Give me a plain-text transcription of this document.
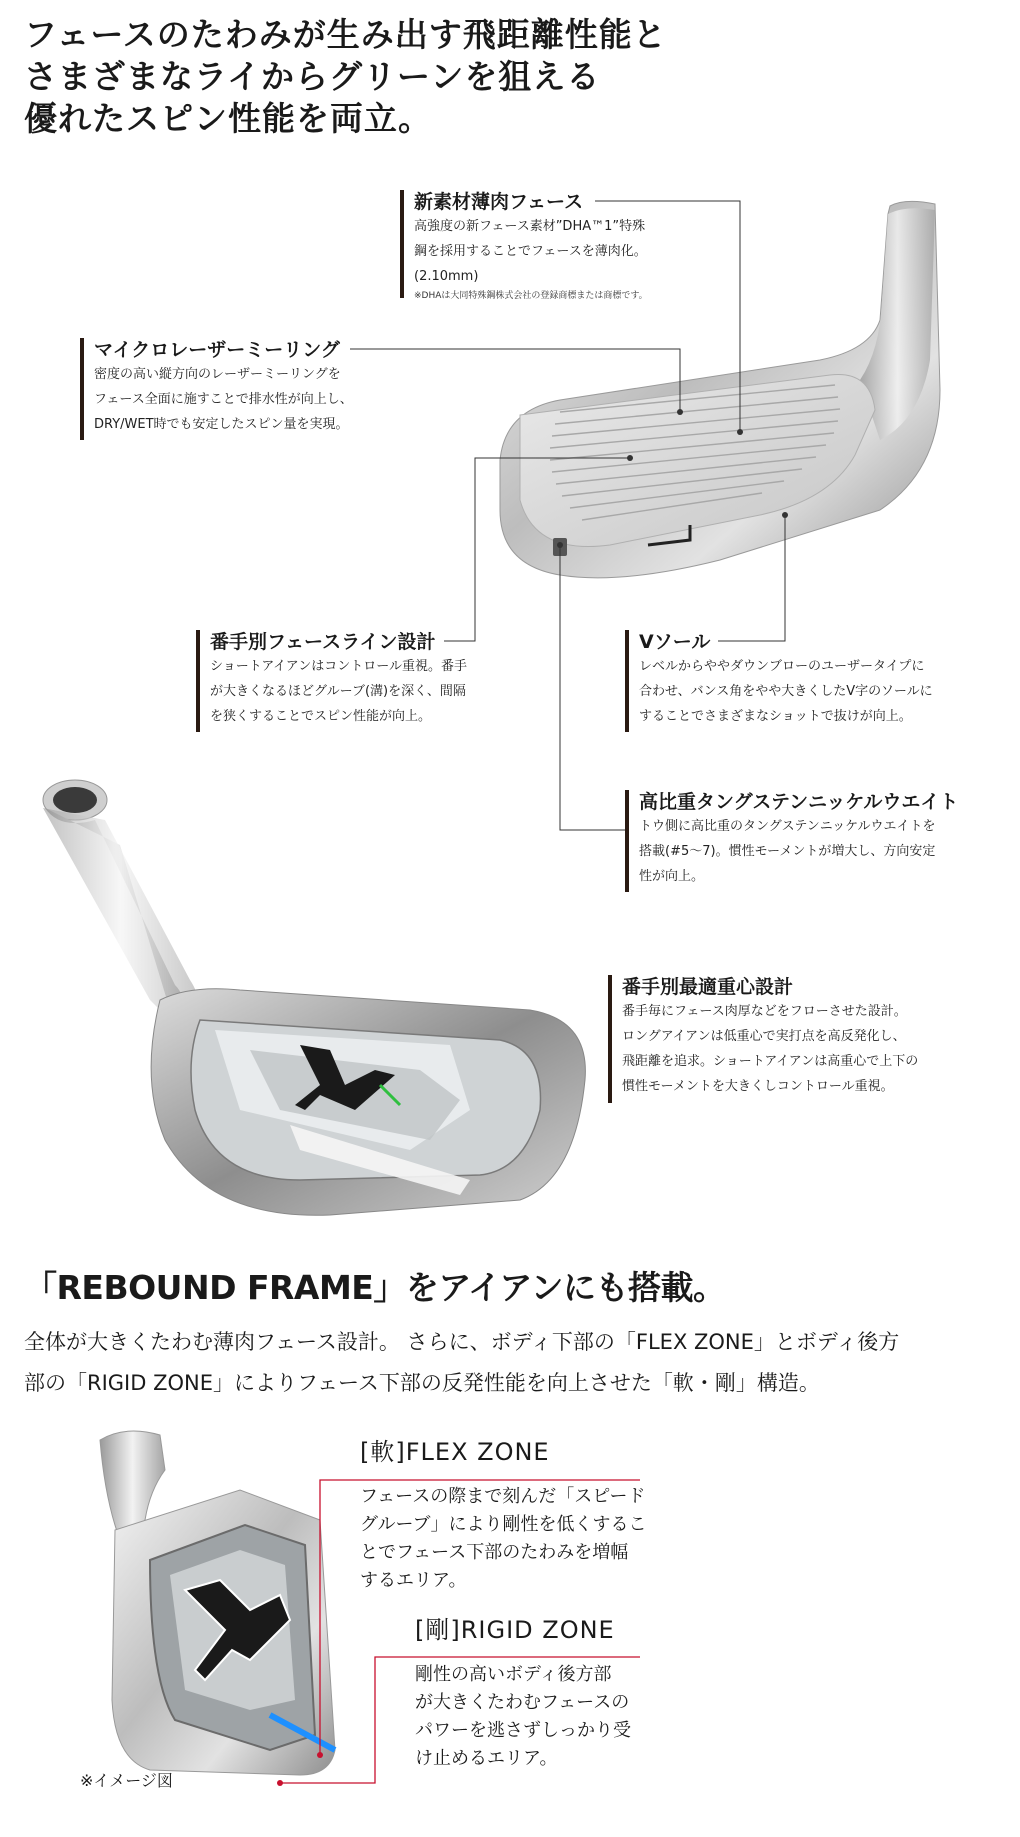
フェースのたわみが生み出す飛距離性能と
さまざまなライからグリーンを狙える
優れたスピン性能を両立。
新素材薄肉フェース
高強度の新フェース素材”DHA™1”特殊
鋼を採用することでフェースを薄肉化。
(2.10mm)
※DHAは大同特殊鋼株式会社の登録商標または商標です。
マイクロレーザーミーリング
密度の高い縦方向のレーザーミーリングを
フェース全面に施すことで排水性が向上し、
DRY/WET時でも安定したスピン量を実現。
番手別フェースライン設計
ショートアイアンはコントロール重視。番手
が大きくなるほどグルーブ(溝)を深く、間隔
を狭くすることでスピン性能が向上。
Vソール
レベルからややダウンブローのユーザータイプに
合わせ、バンス角をやや大きくしたV字のソールに
することでさまざまなショットで抜けが向上。
高比重タングステンニッケルウエイト
トウ側に高比重のタングステンニッケルウエイトを
搭載(#5〜7)。慣性モーメントが増大し、方向安定
性が向上。
番手別最適重心設計
番手毎にフェース肉厚などをフローさせた設計。
ロングアイアンは低重心で実打点を高反発化し、
飛距離を追求。ショートアイアンは高重心で上下の
慣性モーメントを大きくしコントロール重視。
「REBOUND FRAME」をアイアンにも搭載。
全体が大きくたわむ薄肉フェース設計。 さらに、ボディ下部の「FLEX ZONE」とボディ後方
部の「RIGID ZONE」によりフェース下部の反発性能を向上させた「軟・剛」構造。
[軟]FLEX ZONE
フェースの際まで刻んだ「スピード
グルーブ」により剛性を低くするこ
とでフェース下部のたわみを増幅
するエリア。
[剛]RIGID ZONE
剛性の高いボディ後方部
が大きくたわむフェースの
パワーを逃さずしっかり受
け止めるエリア。
※イメージ図
